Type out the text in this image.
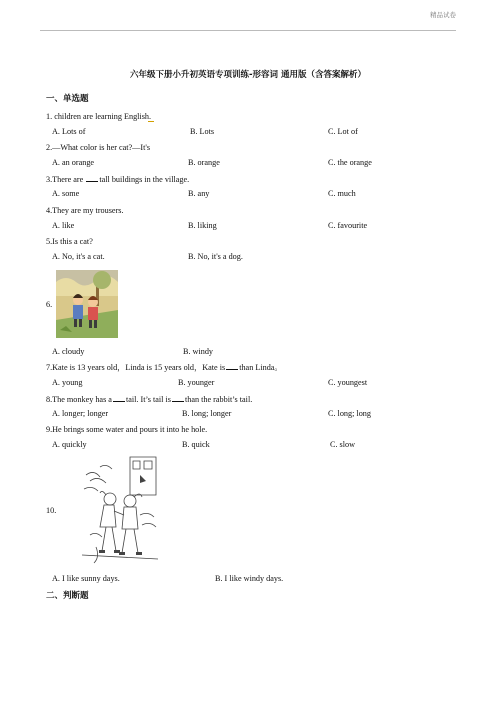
精品试卷
六年级下册小升初英语专项训练-形容词 通用版（含答案解析）
一、单选题
1. children are learning English.
A. Lots of	B. Lots	C. Lot of
2.—What color is her cat?—It's
A. an orange	B. orange	C. the orange
3.There are tall buildings in the village.
A. some	B. any	C. much
4.They are my trousers.
A. like	B. liking	C. favourite
5.Is this a cat?
A. No, it's a cat.	B. No, it's a dog.
6.
A. cloudy	B. windy
7.Kate is 13 years old，Linda is 15 years old，Kate is than Linda。
A. young	B. younger	C. youngest
8.The monkey has a tail. It’s tail is than the rabbit’s tail.
A. longer; longer	B. long; longer	C. long; long
9.He brings some water and pours it into he hole.
A. quickly	B. quick	C. slow
10.
A. I like sunny days.	B. I like windy days.
二、判断题
